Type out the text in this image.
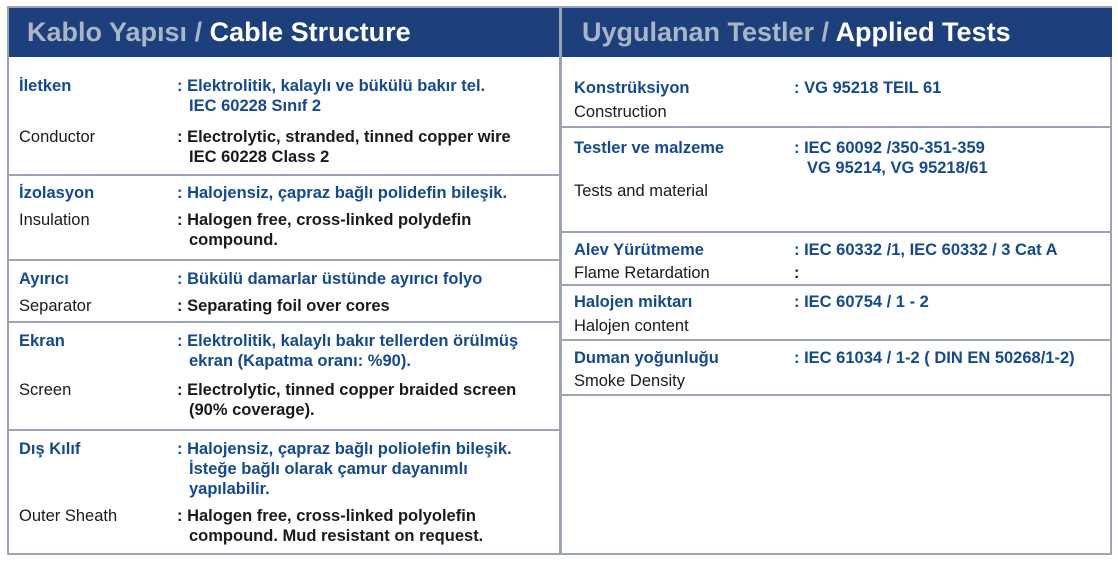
Kablo Yapısı / Cable Structure	Uygulanan Testler / Applied Tests
İletken	: Elektrolitik, kalaylı ve bükülü bakır tel.
IEC 60228 Sınıf 2
Conductor	: Electrolytic, stranded, tinned copper wire
IEC 60228 Class 2
İzolasyon	: Halojensiz, çapraz bağlı polidefin bileşik.
Insulation	: Halogen free, cross-linked polydefin
compound.
Ayırıcı	: Bükülü damarlar üstünde ayırıcı folyo
Separator	: Separating foil over cores
Ekran	: Elektrolitik, kalaylı bakır tellerden örülmüş
ekran (Kapatma oranı: %90).
Screen	: Electrolytic, tinned copper braided screen
(90% coverage).
Dış Kılıf	: Halojensiz, çapraz bağlı poliolefin bileşik.
İsteğe bağlı olarak çamur dayanımlı
yapılabilir.
Outer Sheath	: Halogen free, cross-linked polyolefin
compound. Mud resistant on request.
Konstrüksiyon	: VG 95218 TEIL 61
Construction
Testler ve malzeme	: IEC 60092 /350-351-359
VG 95214, VG 95218/61
Tests and material
Alev Yürütmeme	: IEC 60332 /1, IEC 60332 / 3 Cat A
Flame Retardation	:
Halojen miktarı	: IEC 60754 / 1 - 2
Halojen content
Duman yoğunluğu	: IEC 61034 / 1-2 ( DIN EN 50268/1-2)
Smoke Density
